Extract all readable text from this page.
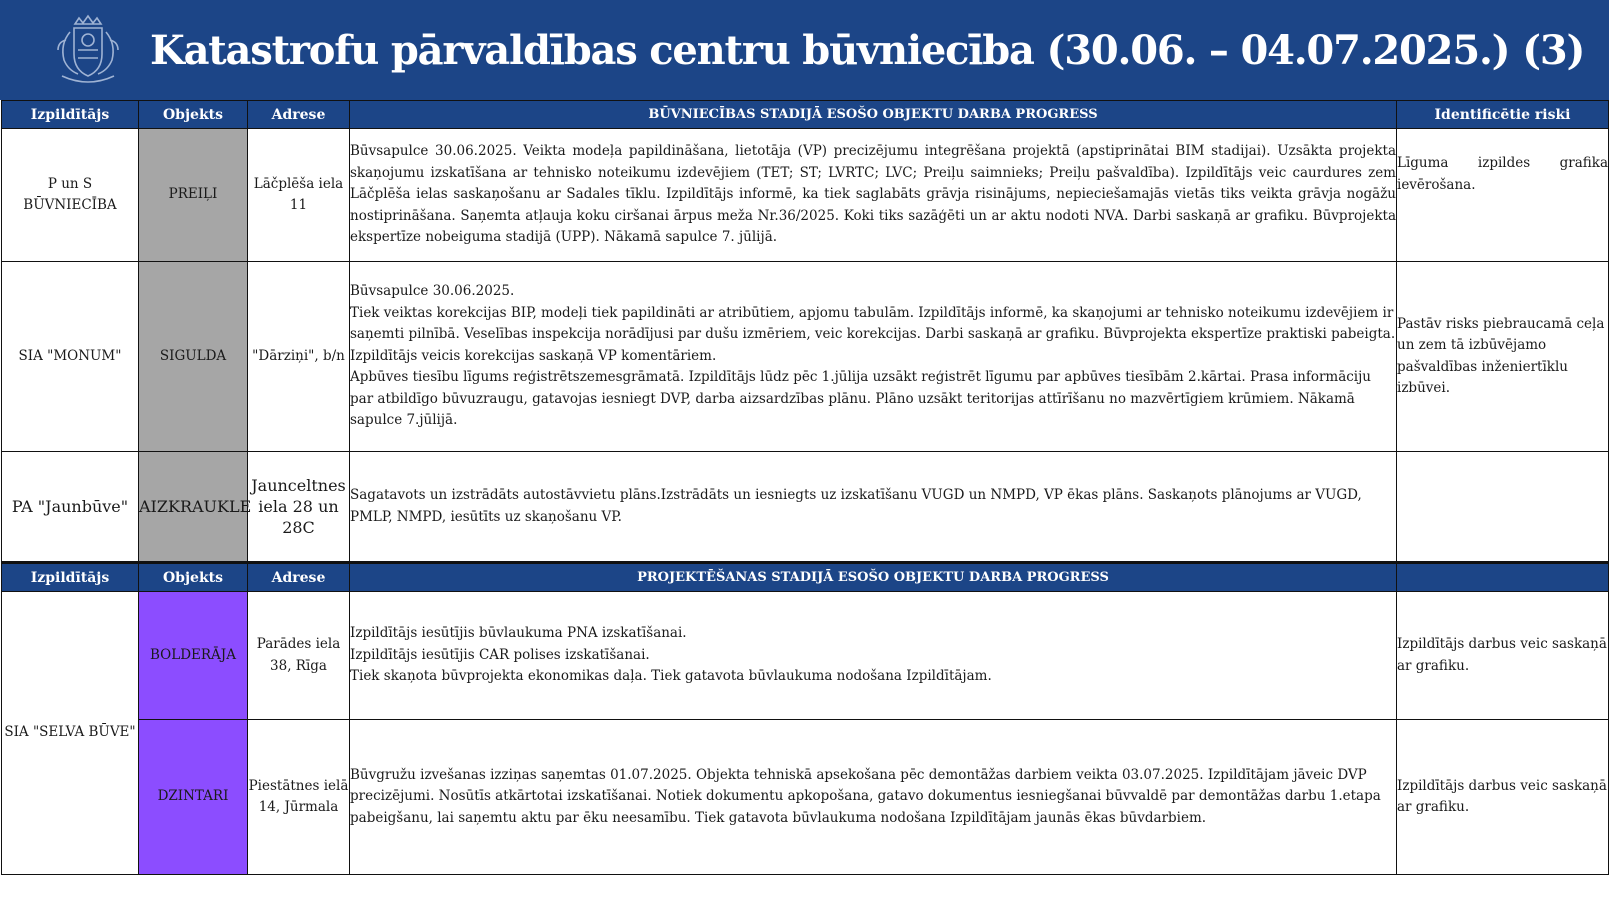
Katastrofu pārvaldības centru būvniecība (30.06. – 04.07.2025.) (3)
Izpildītājs	Objekts	Adrese	BŪVNIECĪBAS STADIJĀ ESOŠO OBJEKTU DARBA PROGRESS	Identificētie riski
P un S BŪVNIECĪBA	PREIĻI	Lāčplēša iela 11	Būvsapulce 30.06.2025. Veikta modeļa papildināšana, lietotāja (VP) precizējumu integrēšana projektā (apstiprinātai BIM stadijai). Uzsākta projekta skaņojumu izskatīšana ar tehnisko noteikumu izdevējiem (TET; ST; LVRTC; LVC; Preiļu saimnieks; Preiļu pašvaldība). Izpildītājs veic caurdures zem Lāčplēša ielas saskaņošanu ar Sadales tīklu. Izpildītājs informē, ka tiek saglabāts grāvja risinājums, nepieciešamajās vietās tiks veikta grāvja nogāžu nostiprināšana. Saņemta atļauja koku ciršanai ārpus meža Nr.36/2025. Koki tiks sazāģēti un ar aktu nodoti NVA. Darbi saskaņā ar grafiku. Būvprojekta ekspertīze nobeiguma stadijā (UPP). Nākamā sapulce 7. jūlijā.	Līguma izpildes grafika ievērošana.
SIA "MONUM"	SIGULDA	"Dārziņi", b/n	Būvsapulce 30.06.2025.
Tiek veiktas korekcijas BIP, modeļi tiek papildināti ar atribūtiem, apjomu tabulām. Izpildītājs informē, ka skaņojumi ar tehnisko noteikumu izdevējiem ir saņemti pilnībā. Veselības inspekcija norādījusi par dušu izmēriem, veic korekcijas. Darbi saskaņā ar grafiku. Būvprojekta ekspertīze praktiski pabeigta. Izpildītājs veicis korekcijas saskaņā VP komentāriem.
Apbūves tiesību līgums reģistrētszemesgrāmatā. Izpildītājs lūdz pēc 1.jūlija uzsākt reģistrēt līgumu par apbūves tiesībām 2.kārtai. Prasa informāciju par atbildīgo būvuzraugu, gatavojas iesniegt DVP, darba aizsardzības plānu. Plāno uzsākt teritorijas attīrīšanu no mazvērtīgiem krūmiem. Nākamā sapulce 7.jūlijā.	Pastāv risks piebraucamā ceļa un zem tā izbūvējamo pašvaldības inženiertīklu izbūvei.
PA "Jaunbūve"	AIZKRAUKLE	Jaunceltnes iela 28 un 28C	Sagatavots un izstrādāts autostāvvietu plāns.Izstrādāts un iesniegts uz izskatīšanu VUGD un NMPD, VP ēkas plāns. Saskaņots plānojums ar VUGD, PMLP, NMPD, iesūtīts uz skaņošanu VP.	
Izpildītājs	Objekts	Adrese	PROJEKTĒŠANAS STADIJĀ ESOŠO OBJEKTU DARBA PROGRESS	
SIA "SELVA BŪVE"	BOLDERĀJA	Parādes iela 38, Rīga	Izpildītājs iesūtījis būvlaukuma PNA izskatīšanai.
Izpildītājs iesūtījis CAR polises izskatīšanai.
Tiek skaņota būvprojekta ekonomikas daļa. Tiek gatavota būvlaukuma nodošana Izpildītājam.	Izpildītājs darbus veic saskaņā ar grafiku.
	DZINTARI	Piestātnes ielā 14, Jūrmala	Būvgružu izvešanas izziņas saņemtas 01.07.2025. Objekta tehniskā apsekošana pēc demontāžas darbiem veikta 03.07.2025. Izpildītājam jāveic DVP precizējumi. Nosūtīs atkārtotai izskatīšanai. Notiek dokumentu apkopošana, gatavo dokumentus iesniegšanai būvvaldē par demontāžas darbu 1.etapa pabeigšanu, lai saņemtu aktu par ēku neesamību. Tiek gatavota būvlaukuma nodošana Izpildītājam jaunās ēkas būvdarbiem.	Izpildītājs darbus veic saskaņā ar grafiku.
